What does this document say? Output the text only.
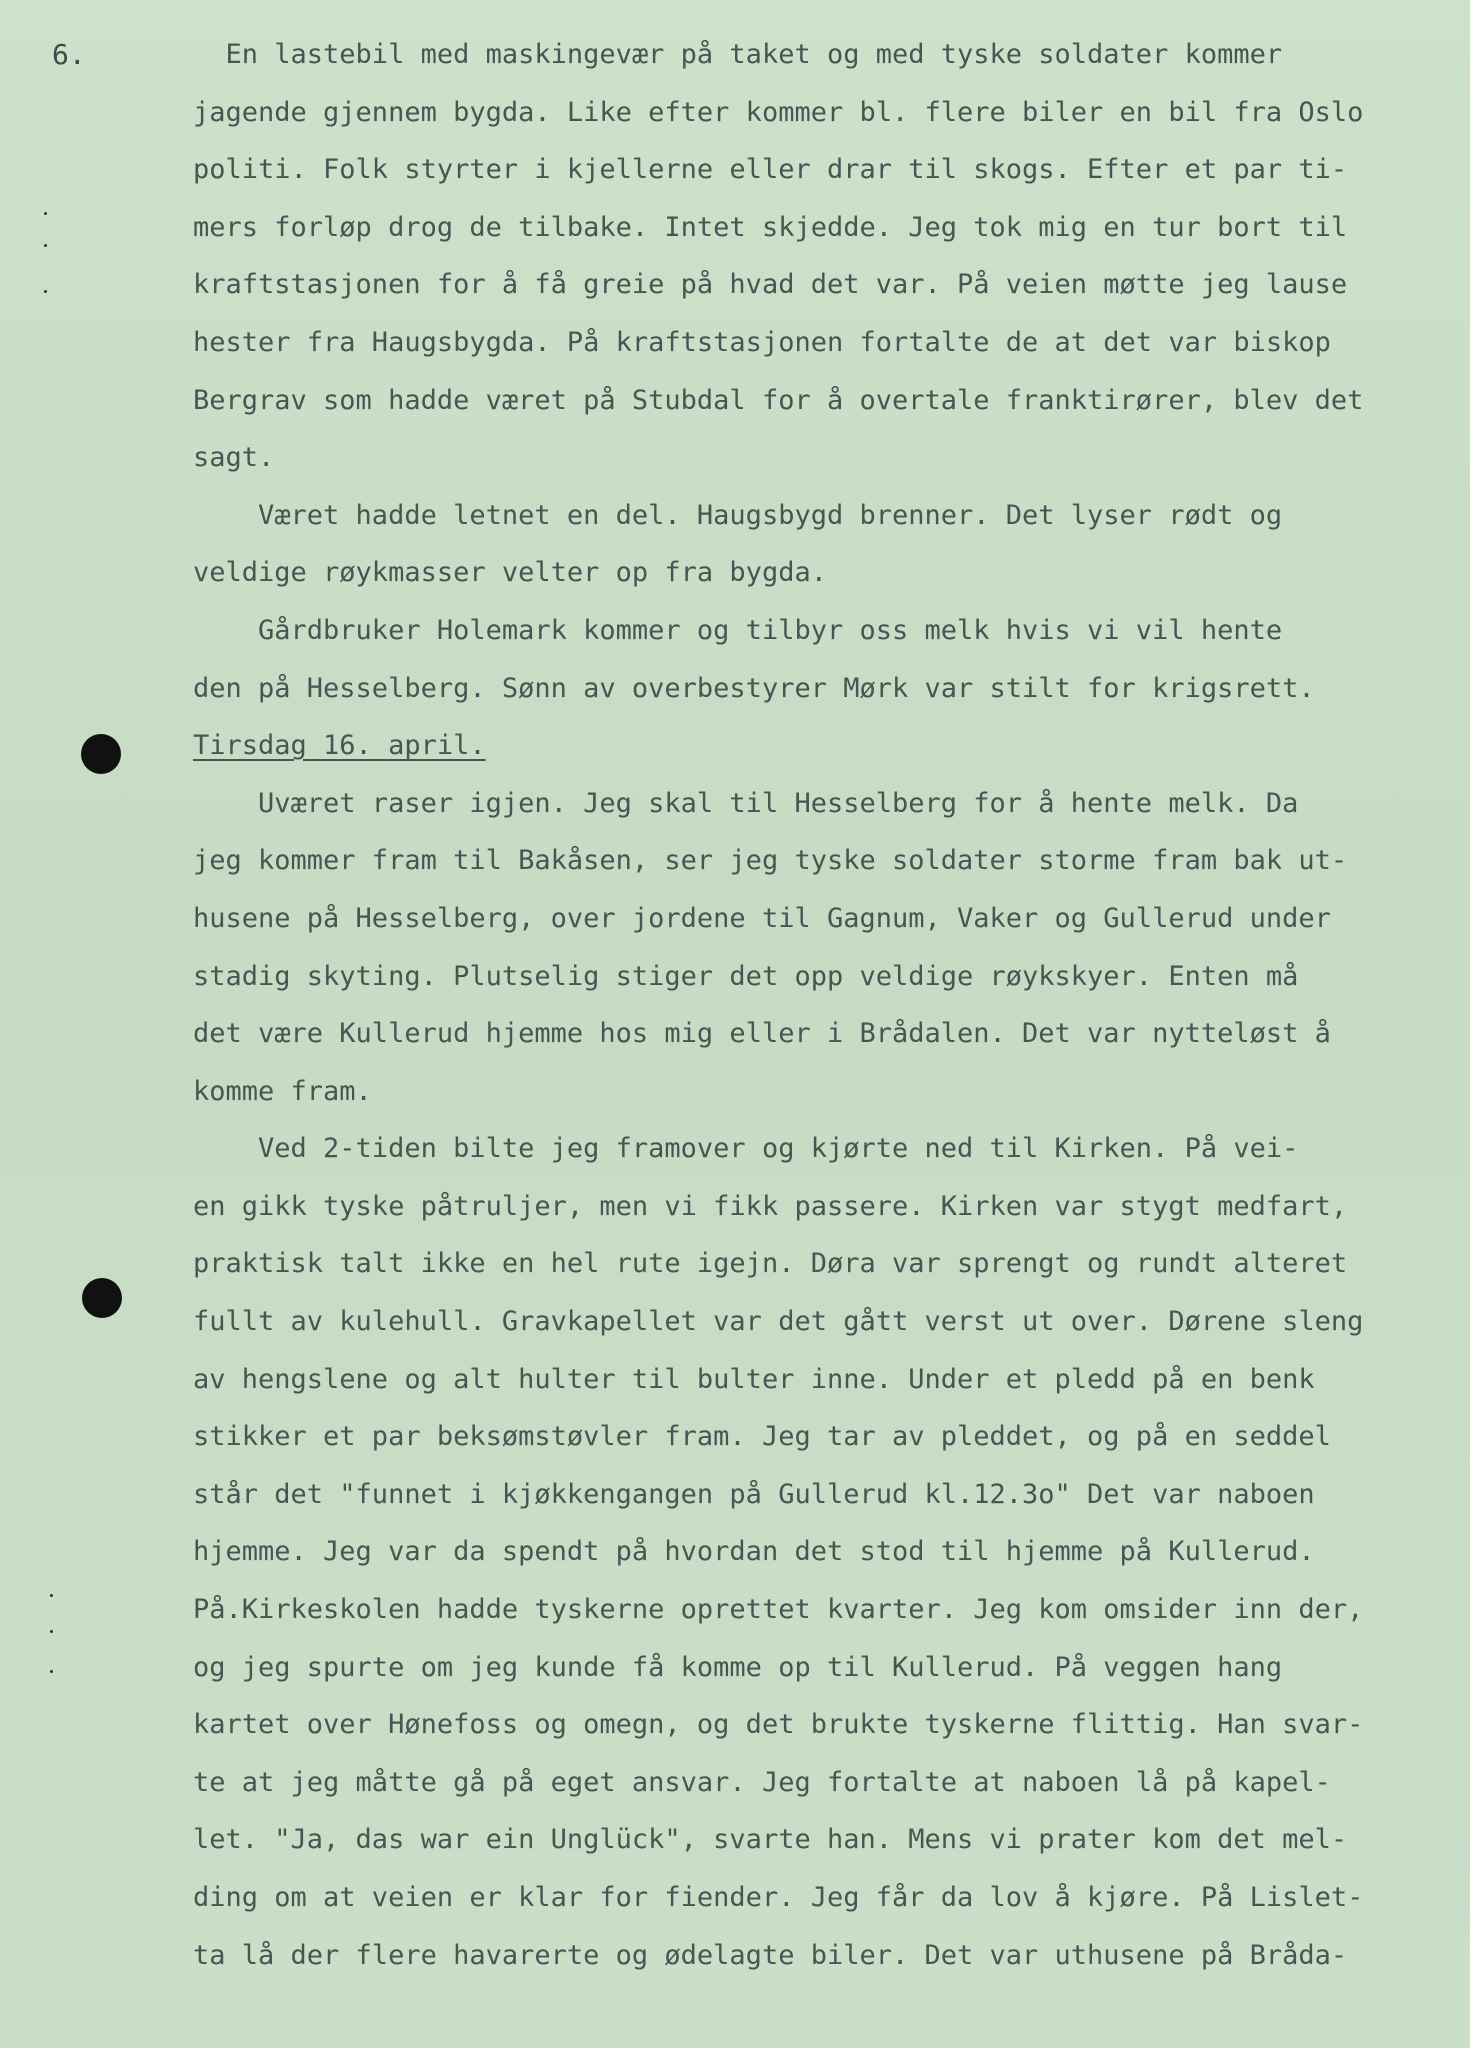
6.	En lastebil med maskingevær på taket og med tyske soldater kommer
jagende gjennem bygda. Like efter kommer bl. flere biler en bil fra Oslo
politi. Folk styrter i kjellerne eller drar til skogs. Efter et par ti-
mers forløp drog de tilbake. Intet skjedde. Jeg tok mig en tur bort til
kraftstasjonen for å få greie på hvad det var. På veien møtte jeg lause
hester fra Haugsbygda. På kraftstasjonen fortalte de at det var biskop
Bergrav som hadde været på Stubdal for å overtale franktirører, blev det
sagt.
Været hadde letnet en del. Haugsbygd brenner. Det lyser rødt og
veldige røykmasser velter op fra bygda.
Gårdbruker Holemark kommer og tilbyr oss melk hvis vi vil hente
den på Hesselberg. Sønn av overbestyrer Mørk var stilt for krigsrett.
Tirsdag 16. april.
Uværet raser igjen. Jeg skal til Hesselberg for å hente melk. Da
jeg kommer fram til Bakåsen, ser jeg tyske soldater storme fram bak ut-
husene på Hesselberg, over jordene til Gagnum, Vaker og Gullerud under
stadig skyting. Plutselig stiger det opp veldige røykskyer. Enten må
det være Kullerud hjemme hos mig eller i Brådalen. Det var nytteløst å
komme fram.
Ved 2-tiden bilte jeg framover og kjørte ned til Kirken. På vei-
en gikk tyske påtruljer, men vi fikk passere. Kirken var stygt medfart,
praktisk talt ikke en hel rute igejn. Døra var sprengt og rundt alteret
fullt av kulehull. Gravkapellet var det gått verst ut over. Dørene sleng
av hengslene og alt hulter til bulter inne. Under et pledd på en benk
stikker et par beksømstøvler fram. Jeg tar av pleddet, og på en seddel
står det "funnet i kjøkkengangen på Gullerud kl.12.3o" Det var naboen
hjemme. Jeg var da spendt på hvordan det stod til hjemme på Kullerud.
På.Kirkeskolen hadde tyskerne oprettet kvarter. Jeg kom omsider inn der,
og jeg spurte om jeg kunde få komme op til Kullerud. På veggen hang
kartet over Hønefoss og omegn, og det brukte tyskerne flittig. Han svar-
te at jeg måtte gå på eget ansvar. Jeg fortalte at naboen lå på kapel-
let. "Ja, das war ein Unglück", svarte han. Mens vi prater kom det mel-
ding om at veien er klar for fiender. Jeg får da lov å kjøre. På Lislet-
ta lå der flere havarerte og ødelagte biler. Det var uthusene på Bråda-
